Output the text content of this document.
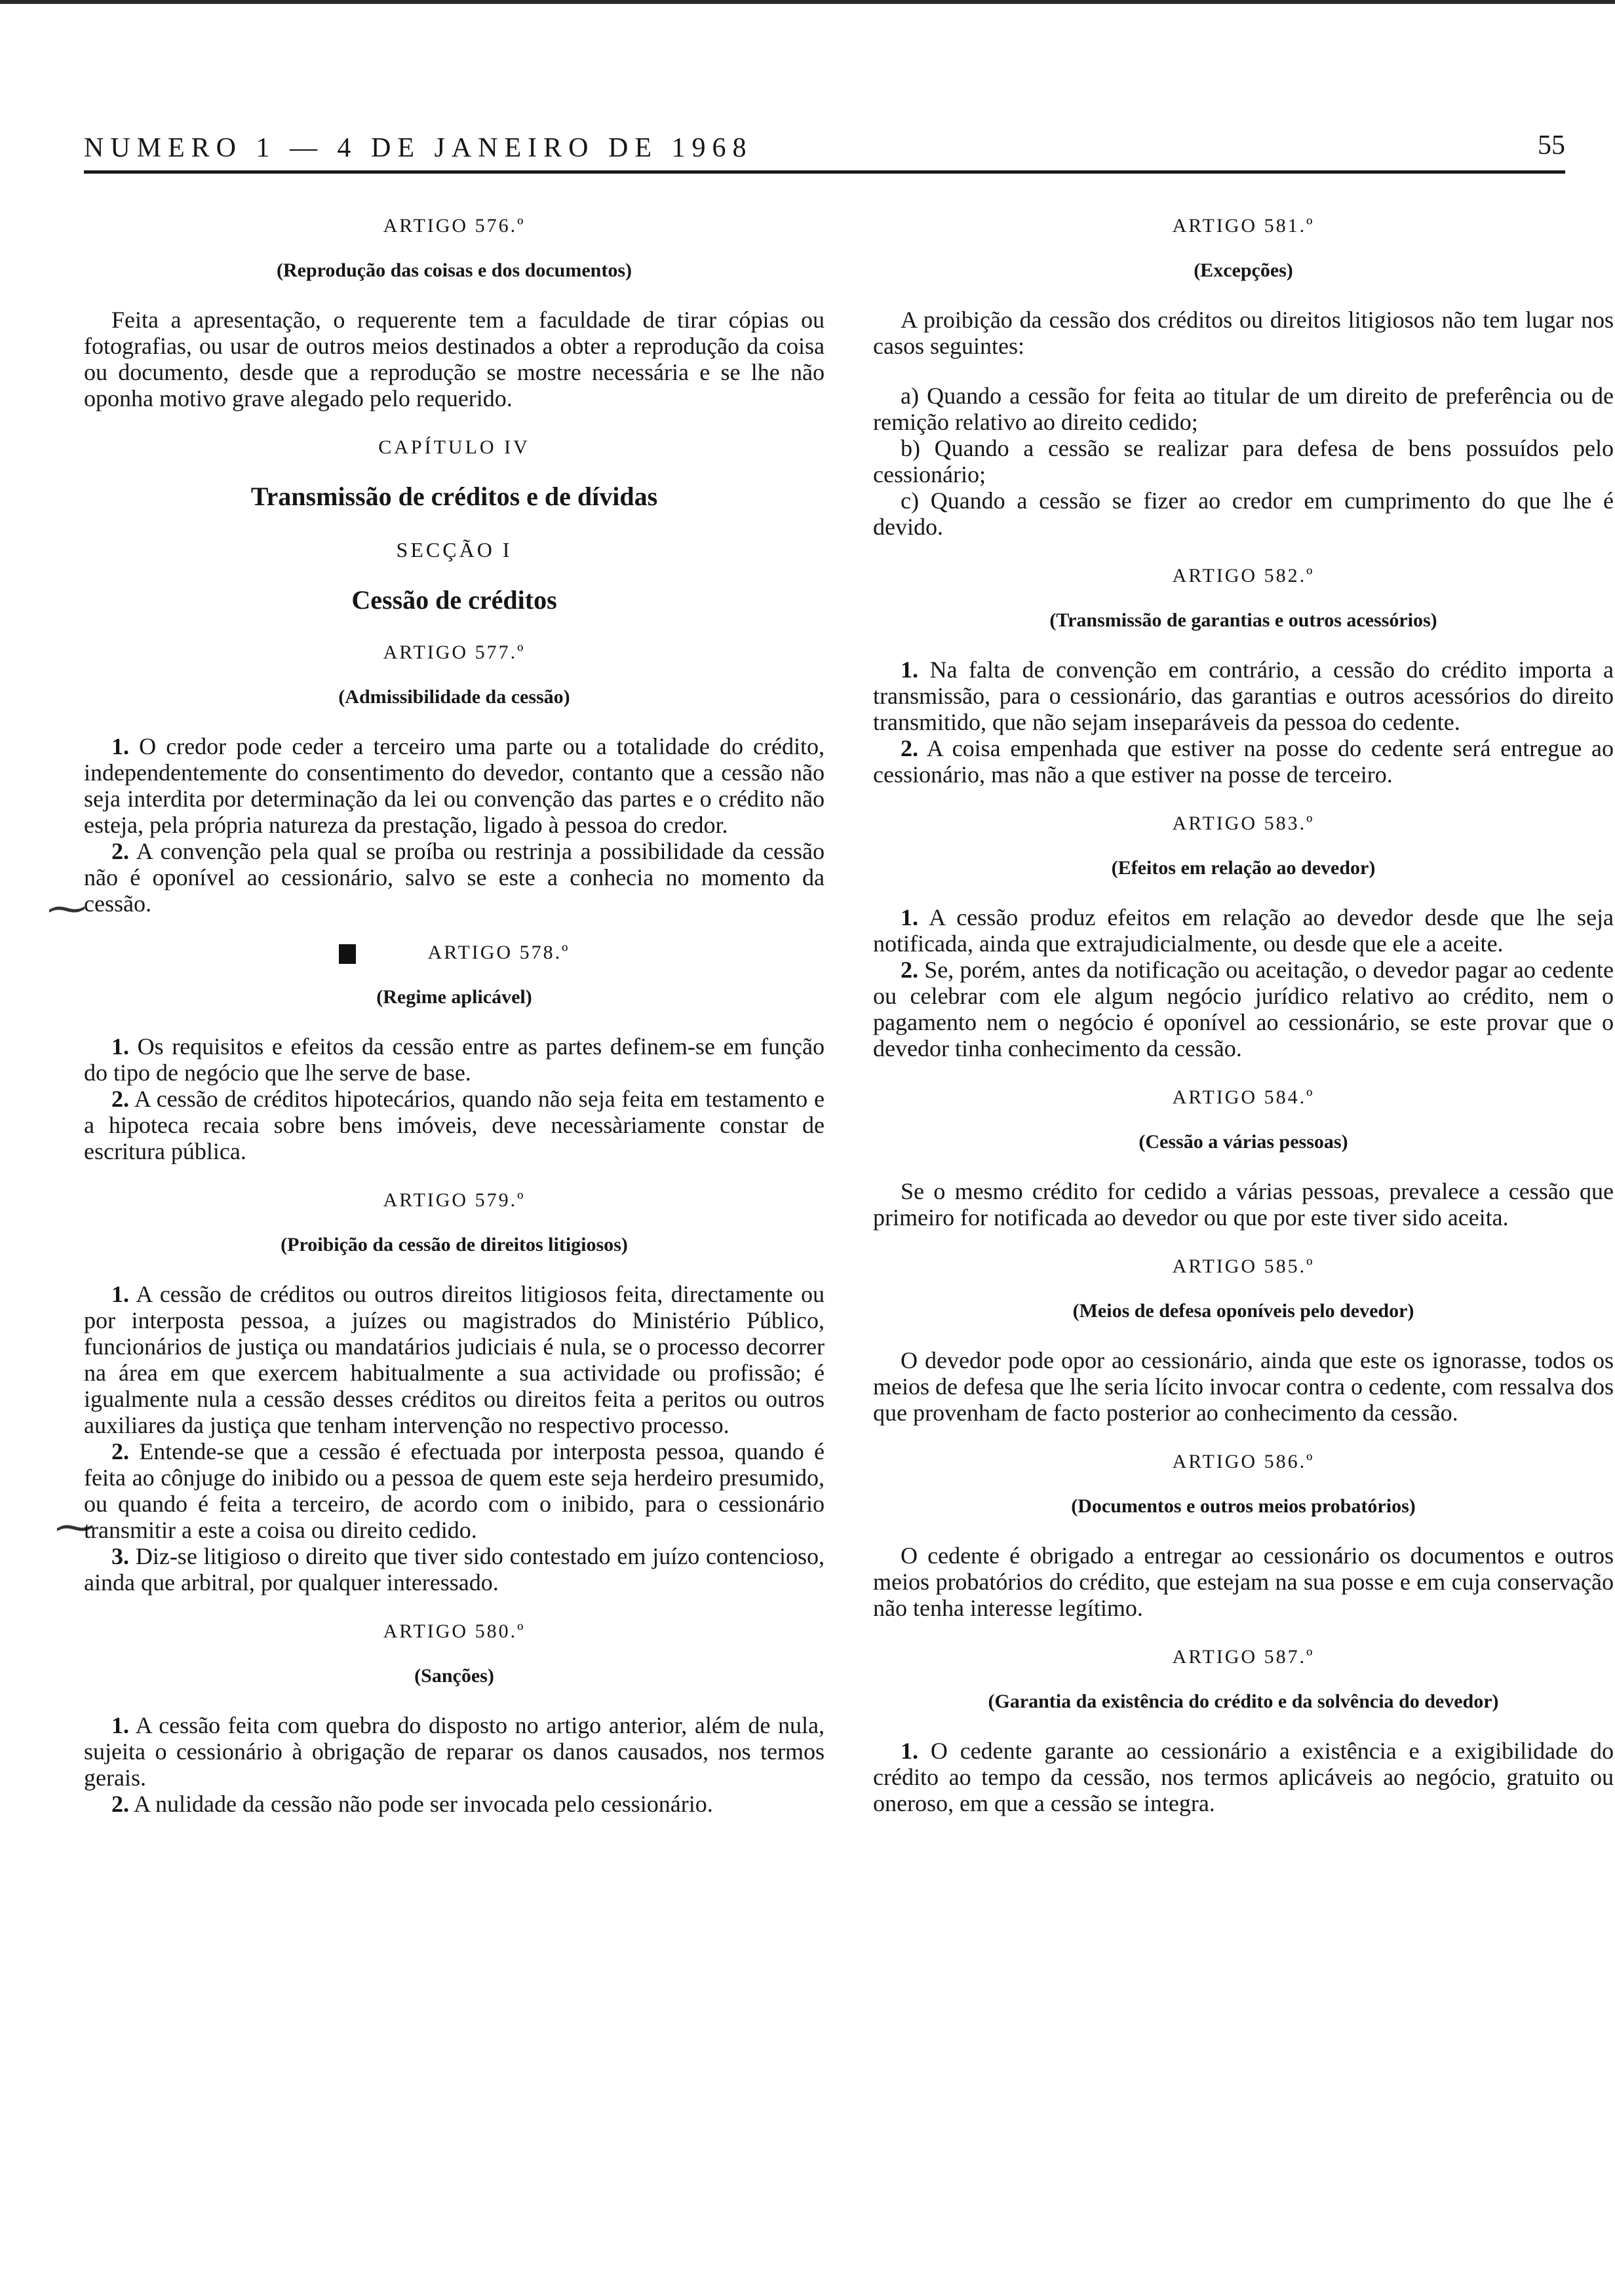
NUMERO 1 — 4 DE JANEIRO DE 1968	55
⁓
⁓
ARTIGO 576.º
(Reprodução das coisas e dos documentos)

Feita a apresentação, o requerente tem a faculdade de tirar cópias ou fotografias, ou usar de outros meios destinados a obter a reprodução da coisa ou documento, desde que a reprodução se mostre necessária e se lhe não oponha motivo grave alegado pelo requerido.

CAPÍTULO IV
Transmissão de créditos e de dívidas
SECÇÃO I
Cessão de créditos
ARTIGO 577.º
(Admissibilidade da cessão)

1. O credor pode ceder a terceiro uma parte ou a totalidade do crédito, independentemente do consentimento do devedor, contanto que a cessão não seja interdita por determinação da lei ou convenção das partes e o crédito não esteja, pela própria natureza da prestação, ligado à pessoa do credor.

2. A convenção pela qual se proíba ou restrinja a possibilidade da cessão não é oponível ao cessionário, salvo se este a conhecia no momento da cessão.

ARTIGO 578.º
(Regime aplicável)

1. Os requisitos e efeitos da cessão entre as partes definem-se em função do tipo de negócio que lhe serve de base.

2. A cessão de créditos hipotecários, quando não seja feita em testamento e a hipoteca recaia sobre bens imóveis, deve necessàriamente constar de escritura pública.

ARTIGO 579.º
(Proibição da cessão de direitos litigiosos)

1. A cessão de créditos ou outros direitos litigiosos feita, directamente ou por interposta pessoa, a juízes ou magistrados do Ministério Público, funcionários de justiça ou mandatários judiciais é nula, se o processo decorrer na área em que exercem habitualmente a sua actividade ou profissão; é igualmente nula a cessão desses créditos ou direitos feita a peritos ou outros auxiliares da justiça que tenham intervenção no respectivo processo.

2. Entende-se que a cessão é efectuada por interposta pessoa, quando é feita ao cônjuge do inibido ou a pessoa de quem este seja herdeiro presumido, ou quando é feita a terceiro, de acordo com o inibido, para o cessionário transmitir a este a coisa ou direito cedido.

3. Diz-se litigioso o direito que tiver sido contestado em juízo contencioso, ainda que arbitral, por qualquer interessado.

ARTIGO 580.º
(Sanções)

1. A cessão feita com quebra do disposto no artigo anterior, além de nula, sujeita o cessionário à obrigação de reparar os danos causados, nos termos gerais.

2. A nulidade da cessão não pode ser invocada pelo cessionário.

ARTIGO 581.º
(Excepções)

A proibição da cessão dos créditos ou direitos litigiosos não tem lugar nos casos seguintes:

a) Quando a cessão for feita ao titular de um direito de preferência ou de remição relativo ao direito cedido;

b) Quando a cessão se realizar para defesa de bens possuídos pelo cessionário;

c) Quando a cessão se fizer ao credor em cumprimento do que lhe é devido.

ARTIGO 582.º
(Transmissão de garantias e outros acessórios)

1. Na falta de convenção em contrário, a cessão do crédito importa a transmissão, para o cessionário, das garantias e outros acessórios do direito transmitido, que não sejam inseparáveis da pessoa do cedente.

2. A coisa empenhada que estiver na posse do cedente será entregue ao cessionário, mas não a que estiver na posse de terceiro.

ARTIGO 583.º
(Efeitos em relação ao devedor)

1. A cessão produz efeitos em relação ao devedor desde que lhe seja notificada, ainda que extrajudicialmente, ou desde que ele a aceite.

2. Se, porém, antes da notificação ou aceitação, o devedor pagar ao cedente ou celebrar com ele algum negócio jurídico relativo ao crédito, nem o pagamento nem o negócio é oponível ao cessionário, se este provar que o devedor tinha conhecimento da cessão.

ARTIGO 584.º
(Cessão a várias pessoas)

Se o mesmo crédito for cedido a várias pessoas, prevalece a cessão que primeiro for notificada ao devedor ou que por este tiver sido aceita.

ARTIGO 585.º
(Meios de defesa oponíveis pelo devedor)

O devedor pode opor ao cessionário, ainda que este os ignorasse, todos os meios de defesa que lhe seria lícito invocar contra o cedente, com ressalva dos que provenham de facto posterior ao conhecimento da cessão.

ARTIGO 586.º
(Documentos e outros meios probatórios)

O cedente é obrigado a entregar ao cessionário os documentos e outros meios probatórios do crédito, que estejam na sua posse e em cuja conservação não tenha interesse legítimo.

ARTIGO 587.º
(Garantia da existência do crédito e da solvência do devedor)

1. O cedente garante ao cessionário a existência e a exigibilidade do crédito ao tempo da cessão, nos termos aplicáveis ao negócio, gratuito ou oneroso, em que a cessão se integra.
